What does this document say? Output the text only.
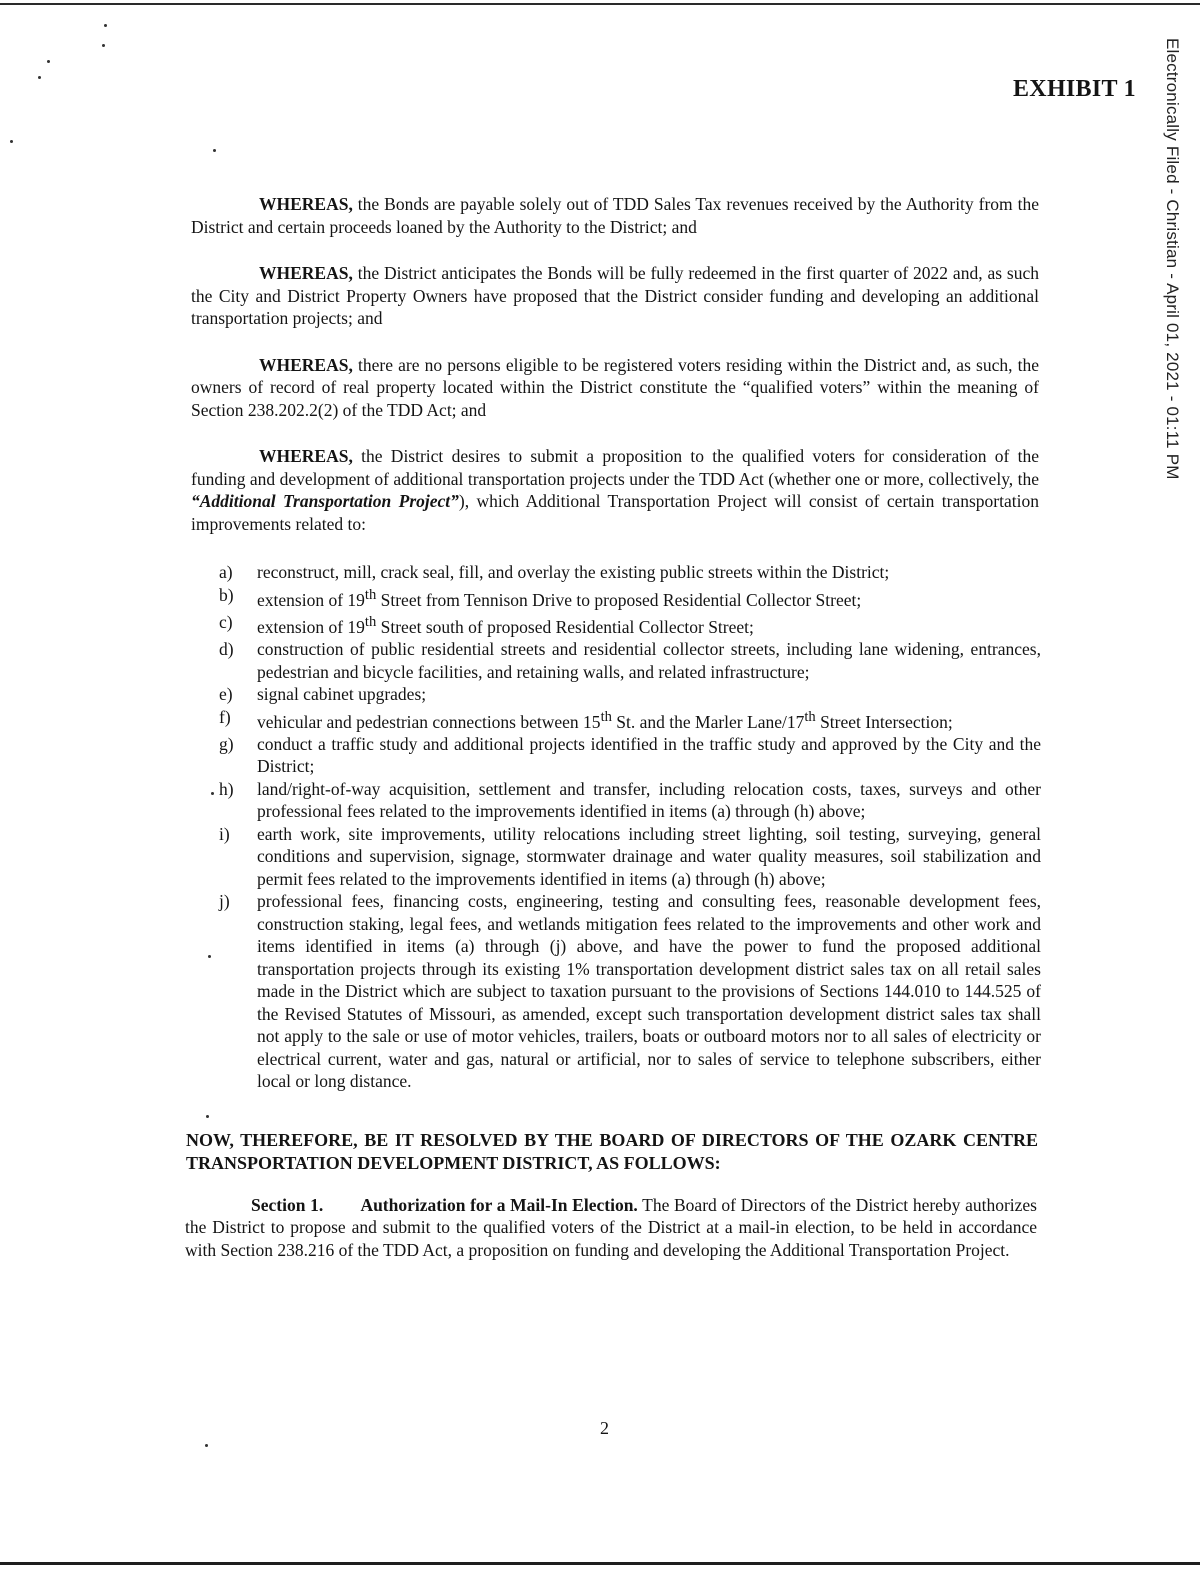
Electronically Filed - Christian - April 01, 2021 - 01:11 PM
EXHIBIT 1

WHEREAS, the Bonds are payable solely out of TDD Sales Tax revenues received by the Authority from the District and certain proceeds loaned by the Authority to the District; and

WHEREAS, the District anticipates the Bonds will be fully redeemed in the first quarter of 2022 and, as such the City and District Property Owners have proposed that the District consider funding and developing an additional transportation projects; and

WHEREAS, there are no persons eligible to be registered voters residing within the District and, as such, the owners of record of real property located within the District constitute the “qualified voters” within the meaning of Section 238.202.2(2) of the TDD Act; and

WHEREAS, the District desires to submit a proposition to the qualified voters for consideration of the funding and development of additional transportation projects under the TDD Act (whether one or more, collectively, the “Additional Transportation Project”), which Additional Transportation Project will consist of certain transportation improvements related to:

a)	reconstruct, mill, crack seal, fill, and overlay the existing public streets within the District;
b)	extension of 19th Street from Tennison Drive to proposed Residential Collector Street;
c)	extension of 19th Street south of proposed Residential Collector Street;
d)	construction of public residential streets and residential collector streets, including lane widening, entrances, pedestrian and bicycle facilities, and retaining walls, and related infrastructure;
e)	signal cabinet upgrades;
f)	vehicular and pedestrian connections between 15th St. and the Marler Lane/17th Street Intersection;
g)	conduct a traffic study and additional projects identified in the traffic study and approved by the City and the District;
h)	land/right-of-way acquisition, settlement and transfer, including relocation costs, taxes, surveys and other professional fees related to the improvements identified in items (a) through (h) above;
i)	earth work, site improvements, utility relocations including street lighting, soil testing, surveying, general conditions and supervision, signage, stormwater drainage and water quality measures, soil stabilization and permit fees related to the improvements identified in items (a) through (h) above;
j)	professional fees, financing costs, engineering, testing and consulting fees, reasonable development fees, construction staking, legal fees, and wetlands mitigation fees related to the improvements and other work and items identified in items (a) through (j) above, and have the power to fund the proposed additional transportation projects through its existing 1% transportation development district sales tax on all retail sales made in the District which are subject to taxation pursuant to the provisions of Sections 144.010 to 144.525 of the Revised Statutes of Missouri, as amended, except such transportation development district sales tax shall not apply to the sale or use of motor vehicles, trailers, boats or outboard motors nor to all sales of electricity or electrical current, water and gas, natural or artificial, nor to sales of service to telephone subscribers, either local or long distance.
NOW, THEREFORE, BE IT RESOLVED BY THE BOARD OF DIRECTORS OF THE OZARK CENTRE TRANSPORTATION DEVELOPMENT DISTRICT, AS FOLLOWS:

Section 1. Authorization for a Mail-In Election. The Board of Directors of the District hereby authorizes the District to propose and submit to the qualified voters of the District at a mail-in election, to be held in accordance with Section 238.216 of the TDD Act, a proposition on funding and developing the Additional Transportation Project.

2
